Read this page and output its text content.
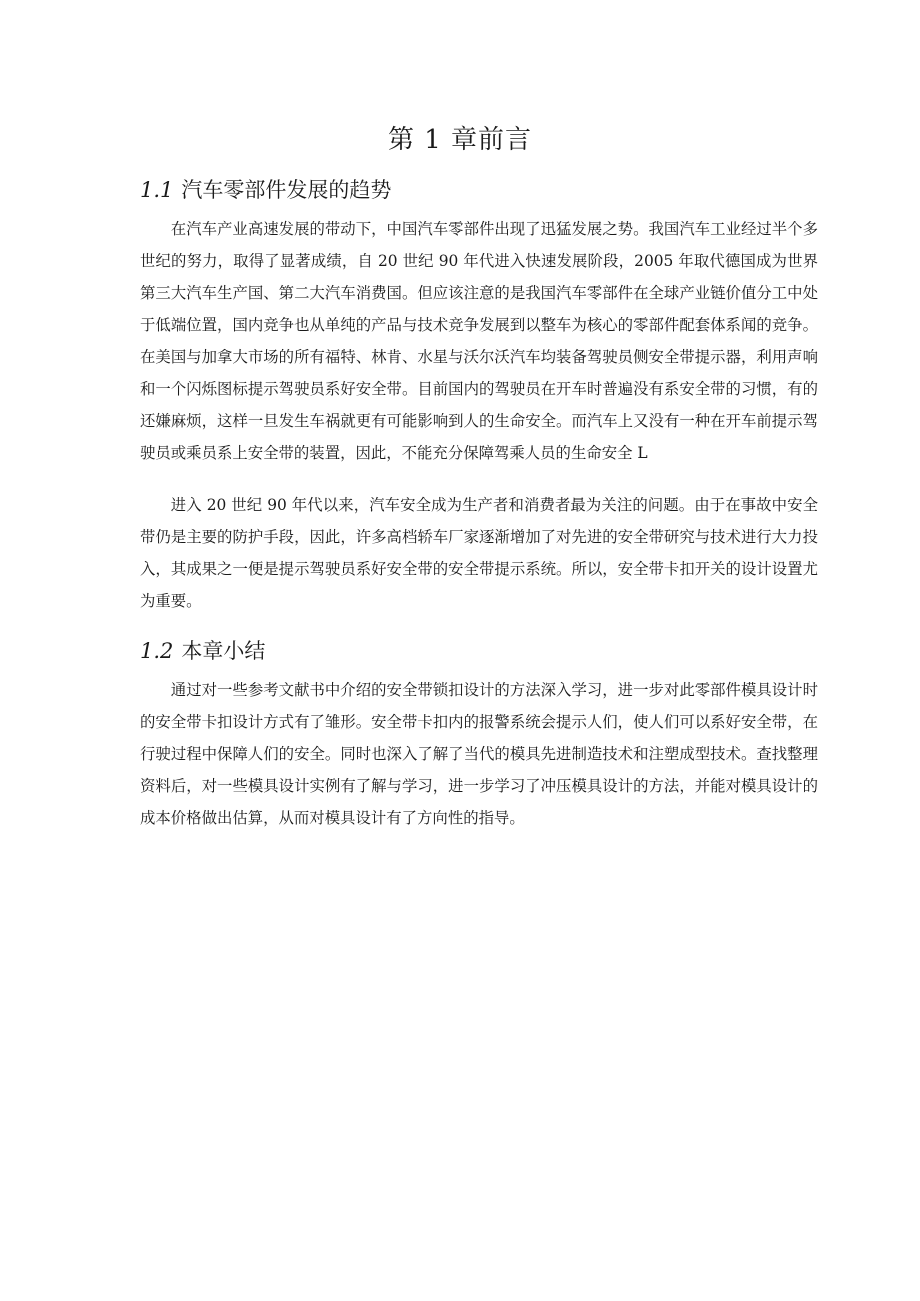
第 1 章前言
1.1 汽车零部件发展的趋势

在汽车产业高速发展的带动下，中国汽车零部件出现了迅猛发展之势。我国汽车工业经过半个多世纪的努力，取得了显著成绩，自 20 世纪 90 年代进入快速发展阶段，2005 年取代德国成为世界第三大汽车生产国、第二大汽车消费国。但应该注意的是我国汽车零部件在全球产业链价值分工中处于低端位置，国内竞争也从单纯的产品与技术竞争发展到以整车为核心的零部件配套体系闻的竞争。在美国与加拿大市场的所有福特、林肯、水星与沃尔沃汽车均装备驾驶员侧安全带提示器，利用声响和一个闪烁图标提示驾驶员系好安全带。目前国内的驾驶员在开车时普遍没有系安全带的习惯，有的还嫌麻烦，这样一旦发生车祸就更有可能影响到人的生命安全。而汽车上又没有一种在开车前提示驾驶员或乘员系上安全带的装置，因此，不能充分保障驾乘人员的生命安全 L

进入 20 世纪 90 年代以来，汽车安全成为生产者和消费者最为关注的问题。由于在事故中安全带仍是主要的防护手段，因此，许多高档轿车厂家逐渐增加了对先进的安全带研究与技术进行大力投入，其成果之一便是提示驾驶员系好安全带的安全带提示系统。所以，安全带卡扣开关的设计设置尤为重要。

1.2 本章小结

通过对一些参考文献书中介绍的安全带锁扣设计的方法深入学习，进一步对此零部件模具设计时的安全带卡扣设计方式有了雏形。安全带卡扣内的报警系统会提示人们，使人们可以系好安全带，在行驶过程中保障人们的安全。同时也深入了解了当代的模具先进制造技术和注塑成型技术。查找整理资料后，对一些模具设计实例有了解与学习，进一步学习了冲压模具设计的方法，并能对模具设计的成本价格做出估算，从而对模具设计有了方向性的指导。
